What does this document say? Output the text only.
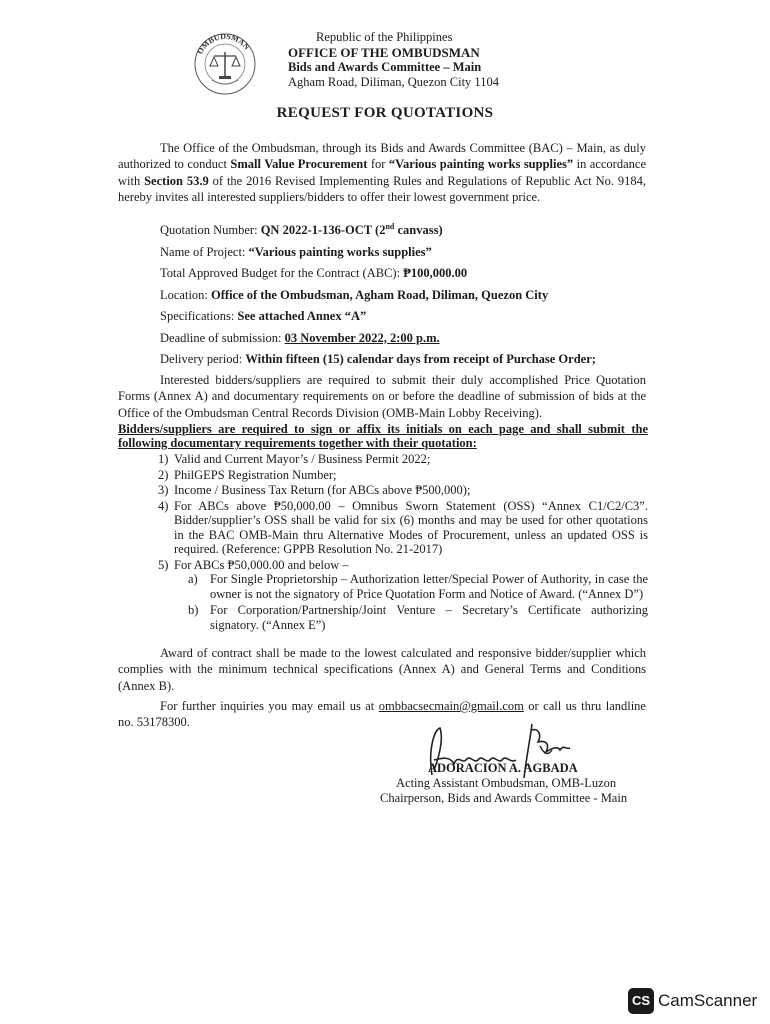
OMBUDSMAN
Republic of the Philippines
OFFICE OF THE OMBUDSMAN
Bids and Awards Committee – Main
Agham Road, Diliman, Quezon City 1104
REQUEST FOR QUOTATIONS
The Office of the Ombudsman, through its Bids and Awards Committee (BAC) – Main, as duly authorized to conduct Small Value Procurement for “Various painting works supplies” in accordance with Section 53.9 of the 2016 Revised Implementing Rules and Regulations of Republic Act No. 9184, hereby invites all interested suppliers/bidders to offer their lowest government price.
Quotation Number: QN 2022-1-136-OCT (2nd canvass)
Name of Project: “Various painting works supplies”
Total Approved Budget for the Contract (ABC): ₱100,000.00
Location: Office of the Ombudsman, Agham Road, Diliman, Quezon City
Specifications: See attached Annex “A”
Deadline of submission: 03 November 2022, 2:00 p.m.
Delivery period: Within fifteen (15) calendar days from receipt of Purchase Order;
Interested bidders/suppliers are required to submit their duly accomplished Price Quotation Forms (Annex A) and documentary requirements on or before the deadline of submission of bids at the Office of the Ombudsman Central Records Division (OMB-Main Lobby Receiving).
Bidders/suppliers are required to sign or affix its initials on each page and shall submit the following documentary requirements together with their quotation:
1) Valid and Current Mayor’s / Business Permit 2022;
2) PhilGEPS Registration Number;
3) Income / Business Tax Return (for ABCs above ₱500,000);
4) For ABCs above ₱50,000.00 – Omnibus Sworn Statement (OSS) “Annex C1/C2/C3”. Bidder/supplier’s OSS shall be valid for six (6) months and may be used for other quotations in the BAC OMB-Main thru Alternative Modes of Procurement, unless an updated OSS is required. (Reference: GPPB Resolution No. 21-2017)
5) For ABCs ₱50,000.00 and below –
a) For Single Proprietorship – Authorization letter/Special Power of Authority, in case the owner is not the signatory of Price Quotation Form and Notice of Award. (“Annex D”)
b) For Corporation/Partnership/Joint Venture – Secretary’s Certificate authorizing signatory. (“Annex E”)
Award of contract shall be made to the lowest calculated and responsive bidder/supplier which complies with the minimum technical specifications (Annex A) and General Terms and Conditions (Annex B).
For further inquiries you may email us at ombbacsecmain@gmail.com or call us thru landline no. 53178300.
ADORACION A. AGBADA
Acting Assistant Ombudsman, OMB-Luzon
Chairperson, Bids and Awards Committee - Main
CS CamScanner
